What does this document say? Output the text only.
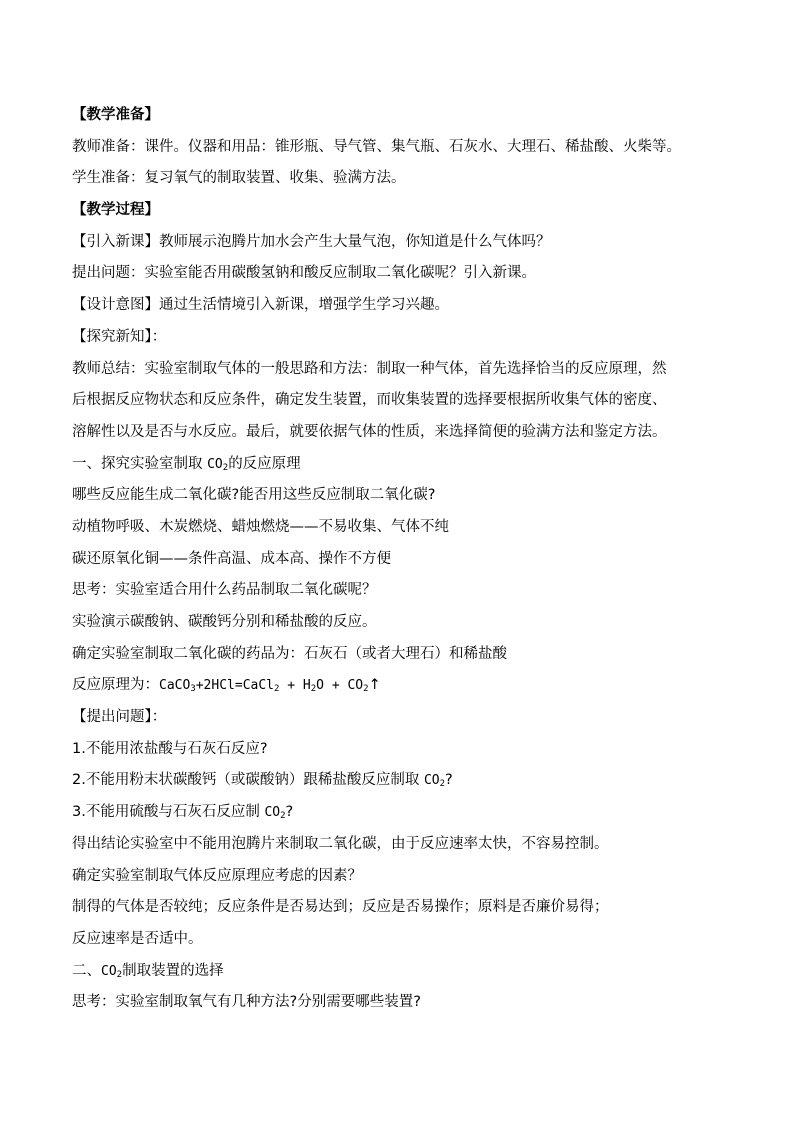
【教学准备】
教师准备：课件。仪器和用品：锥形瓶、导气管、集气瓶、石灰水、大理石、稀盐酸、火柴等。
学生准备：复习氧气的制取装置、收集、验满方法。
【教学过程】
【引入新课】教师展示泡腾片加水会产生大量气泡，你知道是什么气体吗？
提出问题：实验室能否用碳酸氢钠和酸反应制取二氧化碳呢？引入新课。
【设计意图】通过生活情境引入新课，增强学生学习兴趣。
【探究新知】：
教师总结：实验室制取气体的一般思路和方法：制取一种气体，首先选择恰当的反应原理，然
后根据反应物状态和反应条件，确定发生装置，而收集装置的选择要根据所收集气体的密度、
溶解性以及是否与水反应。最后，就要依据气体的性质，来选择简便的验满方法和鉴定方法。
一、探究实验室制取 $CO_2$的反应原理
哪些反应能生成二氧化碳?能否用这些反应制取二氧化碳?
动植物呼吸、木炭燃烧、蜡烛燃烧——不易收集、气体不纯
碳还原氧化铜——条件高温、成本高、操作不方便
思考：实验室适合用什么药品制取二氧化碳呢？
实验演示碳酸钠、碳酸钙分别和稀盐酸的反应。
确定实验室制取二氧化碳的药品为：石灰石（或者大理石）和稀盐酸
反应原理为：CaCO$_3$+2HCl=CaCl$_2$ + $H_2O$ + $CO_2↑$
【提出问题】：
1.不能用浓盐酸与石灰石反应?
2.不能用粉末状碳酸钙（或碳酸钠）跟稀盐酸反应制取 $CO_2$?
3.不能用硫酸与石灰石反应制 $CO_2$?
得出结论实验室中不能用泡腾片来制取二氧化碳，由于反应速率太快，不容易控制。
确定实验室制取气体反应原理应考虑的因素？
制得的气体是否较纯；反应条件是否易达到；反应是否易操作；原料是否廉价易得；
反应速率是否适中。
二、$CO_2$制取装置的选择
思考：实验室制取氧气有几种方法?分别需要哪些装置?
